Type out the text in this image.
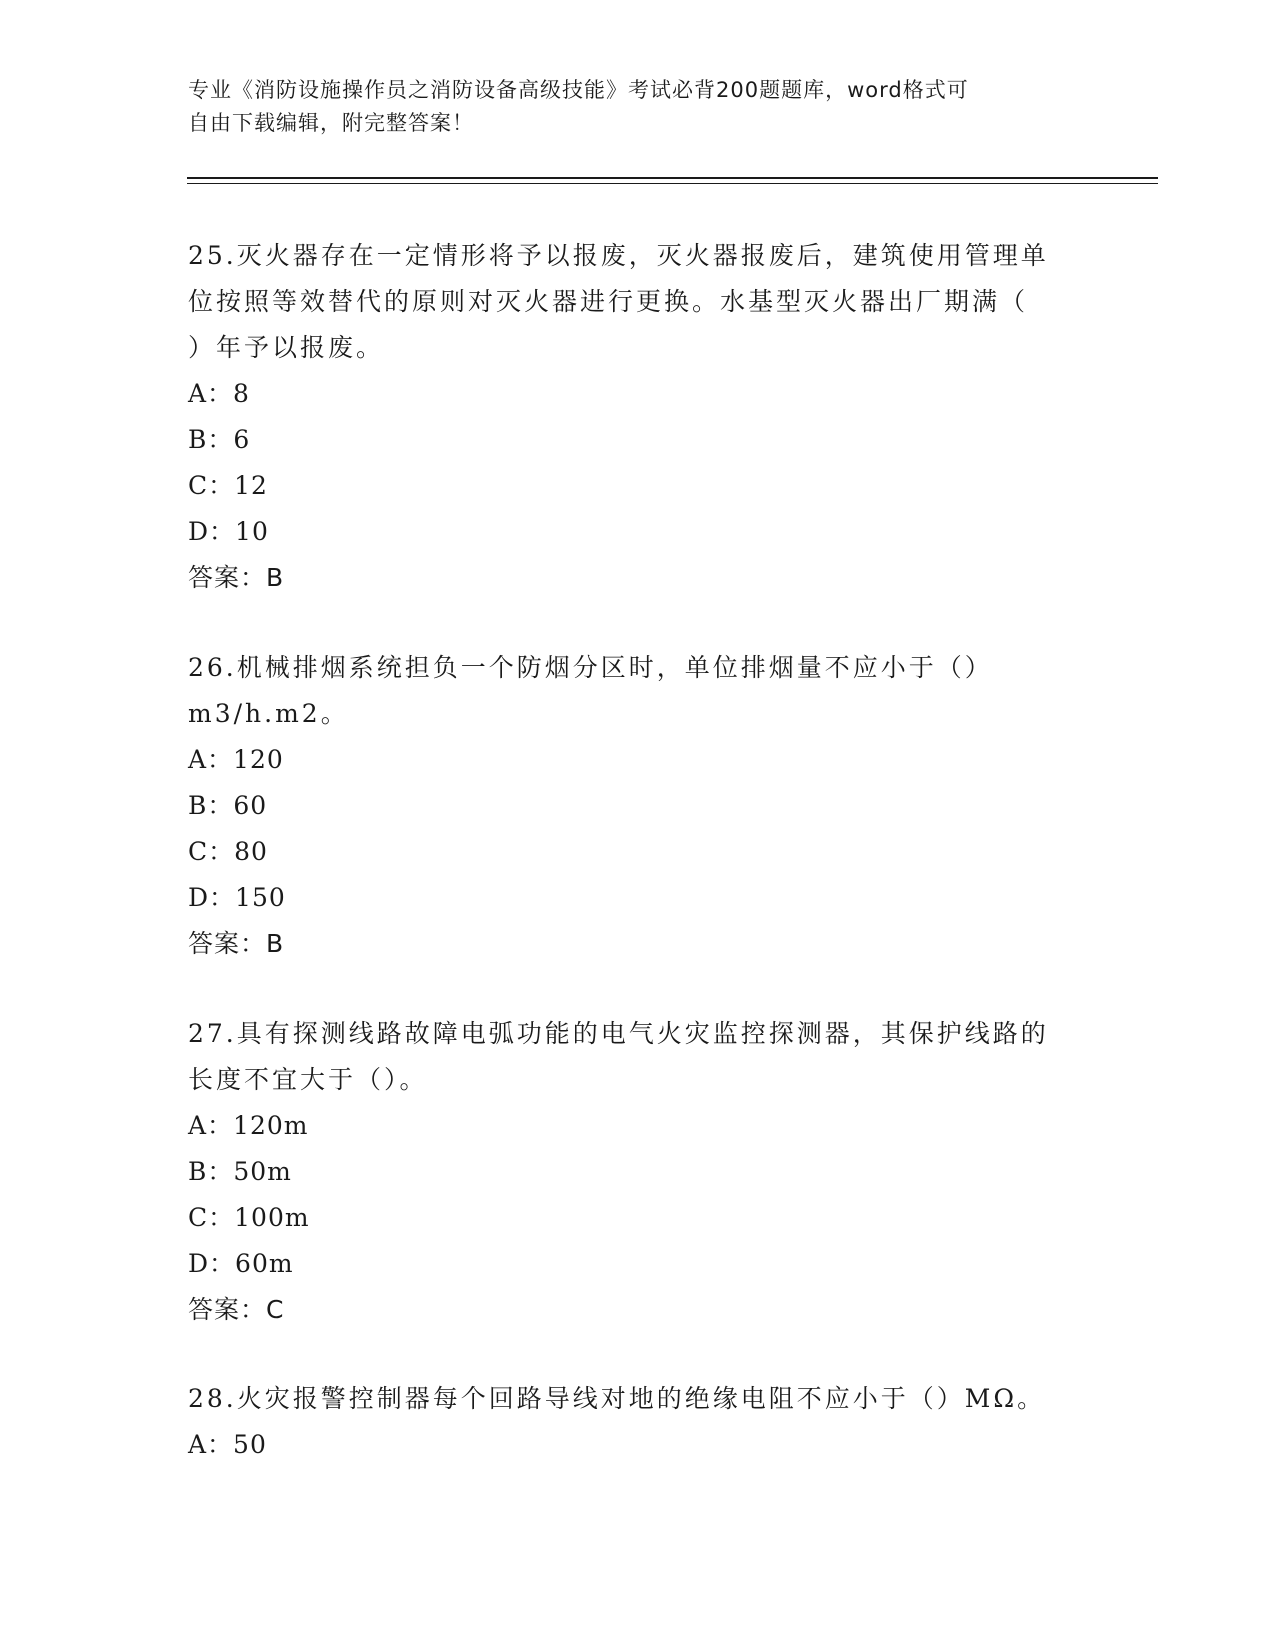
专业《消防设施操作员之消防设备高级技能》考试必背200题题库，word格式可
自由下载编辑，附完整答案！
25.灭火器存在一定情形将予以报废，灭火器报废后，建筑使用管理单
位按照等效替代的原则对灭火器进行更换。水基型灭火器出厂期满（
）年予以报废。
A：8
B：6
C：12
D：10
答案：B
26.机械排烟系统担负一个防烟分区时，单位排烟量不应小于（）
m3/h.m2。
A：120
B：60
C：80
D：150
答案：B
27.具有探测线路故障电弧功能的电气火灾监控探测器，其保护线路的
长度不宜大于（）。
A：120m
B：50m
C：100m
D：60m
答案：C
28.火灾报警控制器每个回路导线对地的绝缘电阻不应小于（）MΩ。
A：50
